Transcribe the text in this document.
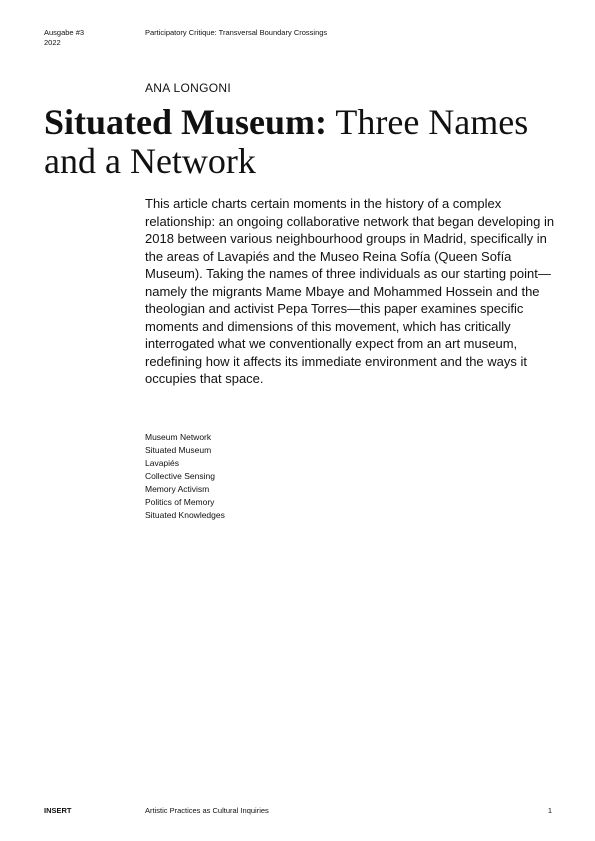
Ausgabe #3
2022
Participatory Critique: Transversal Boundary Crossings
ANA LONGONI
Situated Museum: Three Names and a Network

This article charts certain moments in the history of a complex relationship: an ongoing collaborative network that began developing in 2018 between various neighbourhood groups in Madrid, specifically in the areas of Lavapiés and the Museo Reina Sofía (Queen Sofía Museum). Taking the names of three individuals as our starting point—namely the migrants Mame Mbaye and Mohammed Hossein and the theologian and activist Pepa Torres—this paper examines specific moments and dimensions of this movement, which has critically interrogated what we conventionally expect from an art museum, redefining how it affects its immediate environment and the ways it occupies that space.

Museum Network
Situated Museum
Lavapiés
Collective Sensing
Memory Activism
Politics of Memory
Situated Knowledges
INSERT	Artistic Practices as Cultural Inquiries	1
